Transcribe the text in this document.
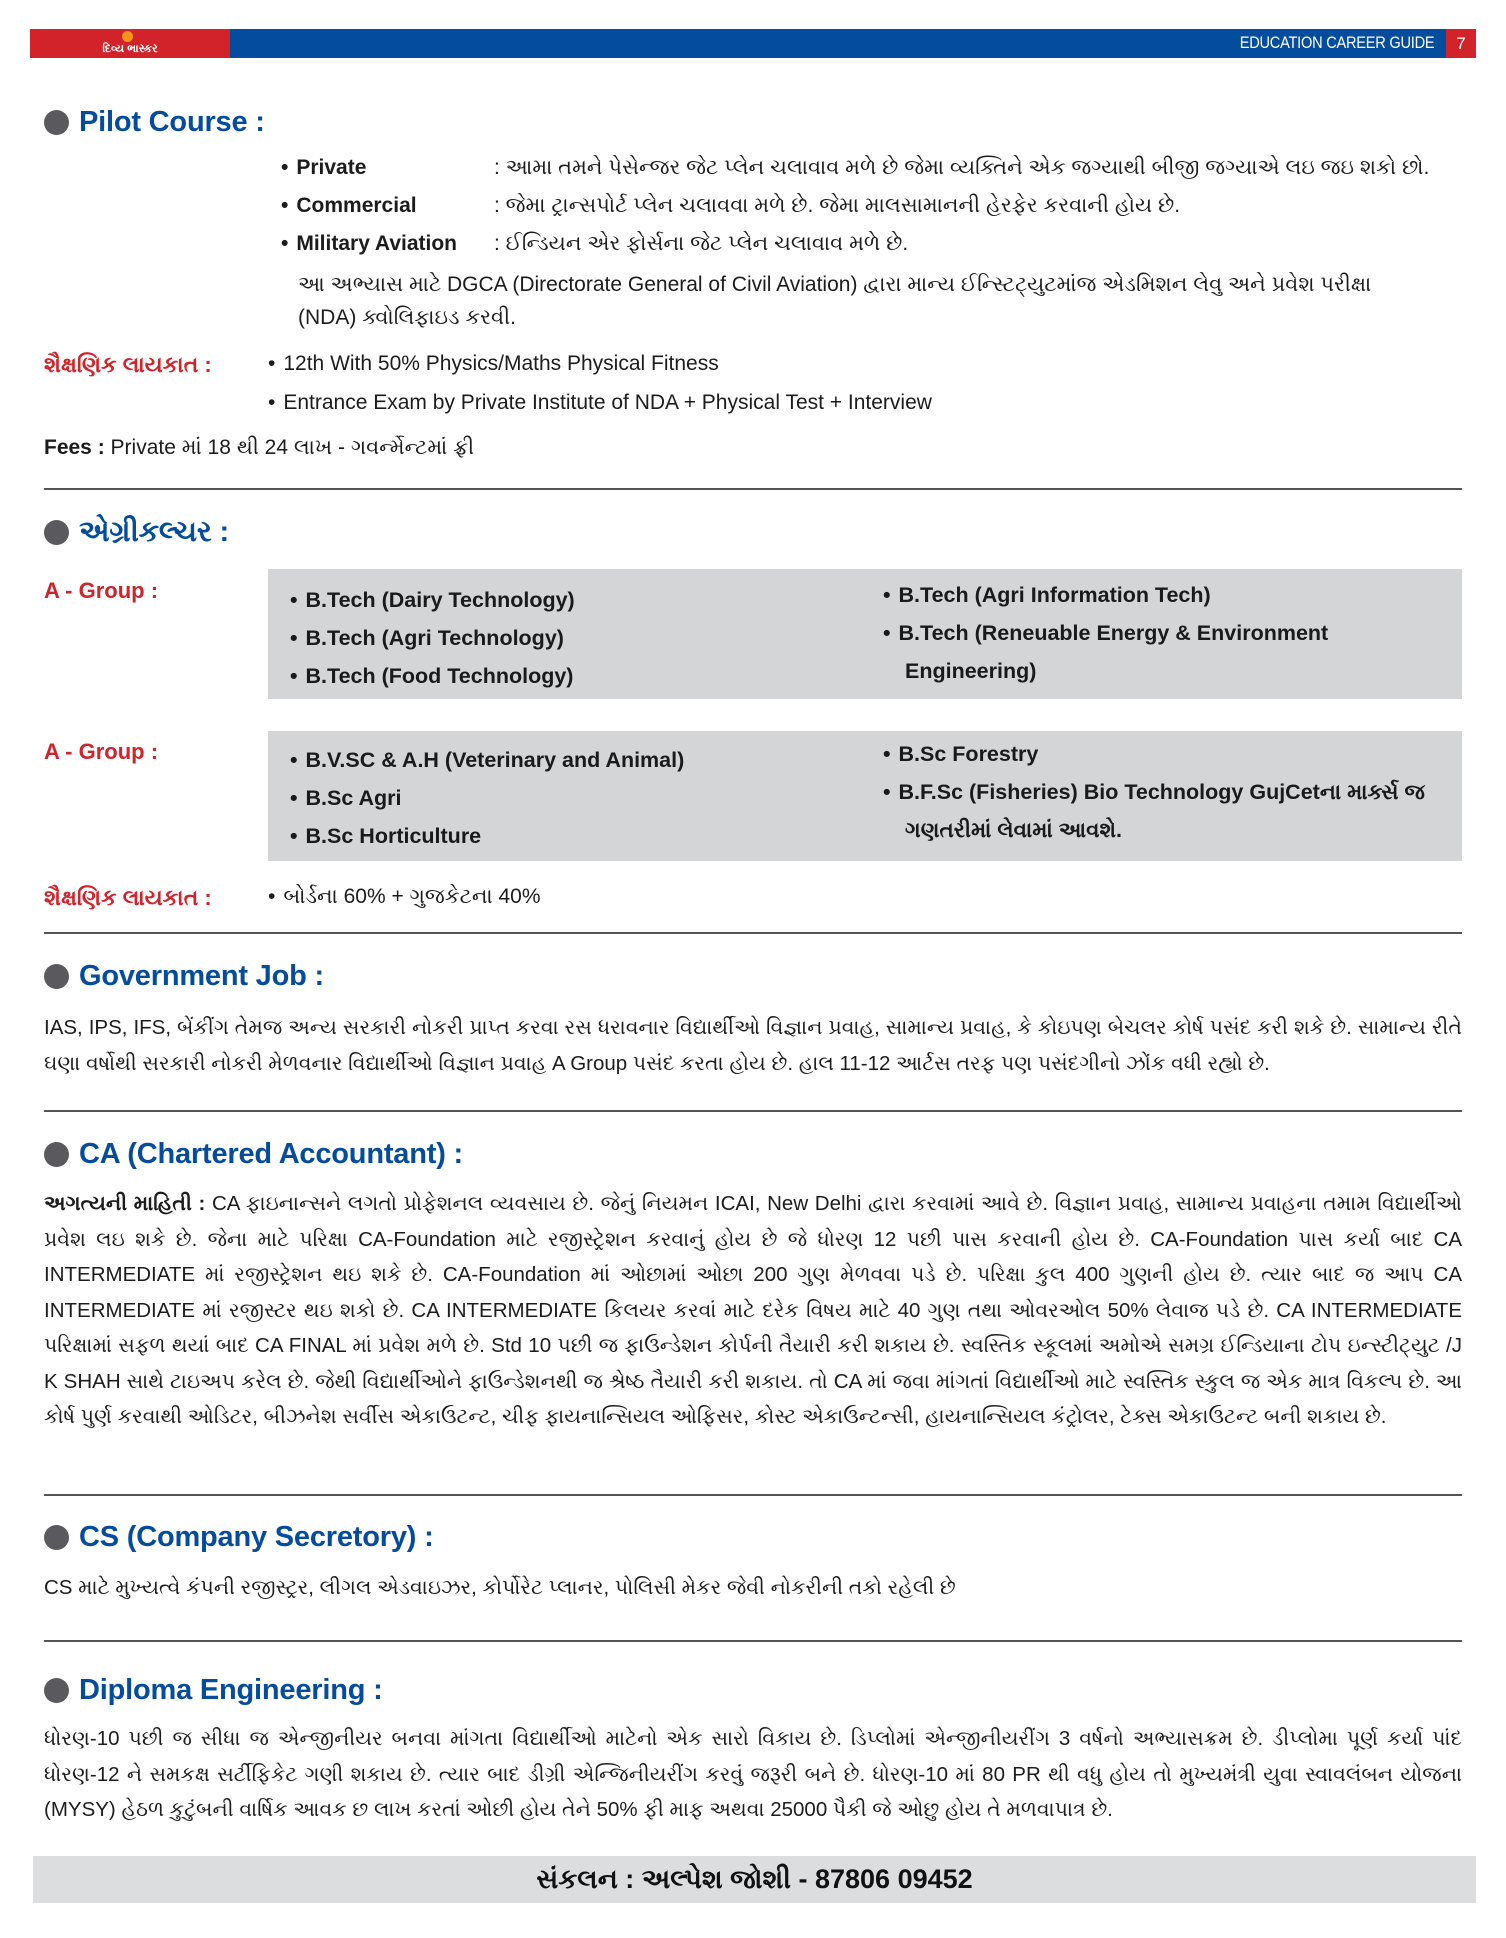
દિવ્ય ભાસ્કર	EDUCATION CAREER GUIDE	7
Pilot Course :
• Private	: આમા તમને પેસેન્જર જેટ પ્લેન ચલાવાવ મળે છે જેમા વ્યક્તિને એક જગ્યાથી બીજી જગ્યાએ લઇ જઇ શકો છો.
• Commercial	: જેમા ટ્રાન્સપોર્ટ પ્લેન ચલાવવા મળે છે. જેમા માલસામાનની હેરફેર કરવાની હોય છે.
• Military Aviation : ઈન્ડિયન એર ફોર્સના જેટ પ્લેન ચલાવાવ મળે છે.
આ અભ્યાસ માટે DGCA (Directorate General of Civil Aviation) દ્વારા માન્ય ઈન્સ્ટિટ્યુટમાંજ એડમિશન લેવુ અને પ્રવેશ પરીક્ષા
(NDA) ક્વોલિફાઇડ કરવી.
શૈક્ષણિક લાયકાત :	• 12th With 50% Physics/Maths Physical Fitness
• Entrance Exam by Private Institute of NDA + Physical Test + Interview
Fees : Private માં 18 થી 24 લાખ - ગવર્ન્મેન્ટમાં ફ્રી
એગ્રીકલ્ચર :
A - Group :	• B.Tech (Dairy Technology)
• B.Tech (Agri Technology)
• B.Tech (Food Technology)
• B.Tech (Agri Information Tech)
• B.Tech (Reneuable Energy & Environment
Engineering)
A - Group :	• B.V.SC & A.H (Veterinary and Animal)
• B.Sc Agri
• B.Sc Horticulture
• B.Sc Forestry
• B.F.Sc (Fisheries) Bio Technology GujCetના માર્ક્સ જ
ગણતરીમાં લેવામાં આવશે.
શૈક્ષણિક લાયકાત :	• બોર્ડના 60% + ગુજકેટના 40%
Government Job :
IAS, IPS, IFS, બેંકીંગ તેમજ અન્ય સરકારી નોકરી પ્રાપ્ત કરવા રસ ધરાવનાર વિદ્યાર્થીઓ વિજ્ઞાન પ્રવાહ, સામાન્ય પ્રવાહ, કે કોઇપણ બેચલર કોર્ષ પસંદ કરી શકે છે. સામાન્ય રીતે ઘણા વર્ષોથી સરકારી નોકરી મેળવનાર વિદ્યાર્થીઓ વિજ્ઞાન પ્રવાહ A Group પસંદ કરતા હોય છે. હાલ 11-12 આર્ટસ તરફ પણ પસંદગીનો ઝોંક વધી રહ્યો છે.
CA (Chartered Accountant) :
અગત્યની માહિતી : CA ફાઇનાન્સને લગતો પ્રોફેશનલ વ્યવસાય છે. જેનું નિયમન ICAI, New Delhi દ્વારા કરવામાં આવે છે. વિજ્ઞાન પ્રવાહ, સામાન્ય પ્રવાહના તમામ વિદ્યાર્થીઓ પ્રવેશ લઇ શકે છે. જેના માટે પરિક્ષા CA-Foundation માટે રજીસ્ટ્રેશન કરવાનું હોય છે જે ધોરણ 12 પછી પાસ કરવાની હોય છે. CA-Foundation પાસ કર્યા બાદ CA INTERMEDIATE માં રજીસ્ટ્રેશન થઇ શકે છે. CA-Foundation માં ઓછામાં ઓછા 200 ગુણ મેળવવા પડે છે. પરિક્ષા કુલ 400 ગુણની હોય છે. ત્યાર બાદ જ આપ CA INTERMEDIATE માં રજીસ્ટર થઇ શકો છે. CA INTERMEDIATE કિલયર કરવાં માટે દરેક વિષય માટે 40 ગુણ તથા ઓવરઓલ 50% લેવાજ પડે છે. CA INTERMEDIATE પરિક્ષામાં સફળ થયાં બાદ CA FINAL માં પ્રવેશ મળે છે. Std 10 પછી જ ફાઉન્ડેશન કોર્પની તૈયારી કરી શકાય છે. સ્વસ્તિક સ્કૂલમાં અમોએ સમગ્ર ઈન્ડિયાના ટોપ ઇન્સ્ટીટ્યુટ /J K SHAH સાથે ટાઇઅપ કરેલ છે. જેથી વિદ્યાર્થીઓને ફાઉન્ડેશનથી જ શ્રેષ્ઠ તૈયારી કરી શકાય. તો CA માં જવા માંગતાં વિદ્યાર્થીઓ માટે સ્વસ્તિક સ્કુલ જ એક માત્ર વિકલ્પ છે. આ કોર્ષ પુર્ણ કરવાથી ઓડિટર, બીઝનેશ સર્વીસ એકાઉટન્ટ, ચીફ ફાયનાન્સિયલ ઓફિસર, કોસ્ટ એકાઉન્ટન્સી, હાયનાન્સિયલ કંટ્રોલર, ટેક્સ એકાઉટન્ટ બની શકાય છે.
CS (Company Secretory) :
CS માટે મુખ્યત્વે કંપની રજીસ્ટ્રર, લીગલ એડવાઇઝર, કોર્પોરેટ પ્લાનર, પોલિસી મેકર જેવી નોકરીની તકો રહેલી છે
Diploma Engineering :
ધોરણ-10 પછી જ સીધા જ એન્જીનીયર બનવા માંગતા વિદ્યાર્થીઓ માટેનો એક સારો વિકાય છે. ડિપ્લોમાં એન્જીનીયરીંગ 3 વર્ષનો અભ્યાસક્રમ છે. ડીપ્લોમા પૂર્ણ કર્યા પાંદ ધોરણ-12 ને સમકક્ષ સર્ટીફિકેટ ગણી શકાય છે. ત્યાર બાદ ડીગ્રી એન્જિનીયરીંગ કરવું જરૂરી બને છે. ધોરણ-10 માં 80 PR થી વધુ હોય તો મુખ્યમંત્રી યુવા સ્વાવલંબન યોજના (MYSY) હેઠળ કુટુંબની વાર્ષિક આવક છ લાખ કરતાં ઓછી હોય તેને 50% ફી માફ અથવા 25000 પૈકી જે ઓછુ હોય તે મળવાપાત્ર છે.
સંકલન : અલ્પેશ જોશી - 87806 09452
